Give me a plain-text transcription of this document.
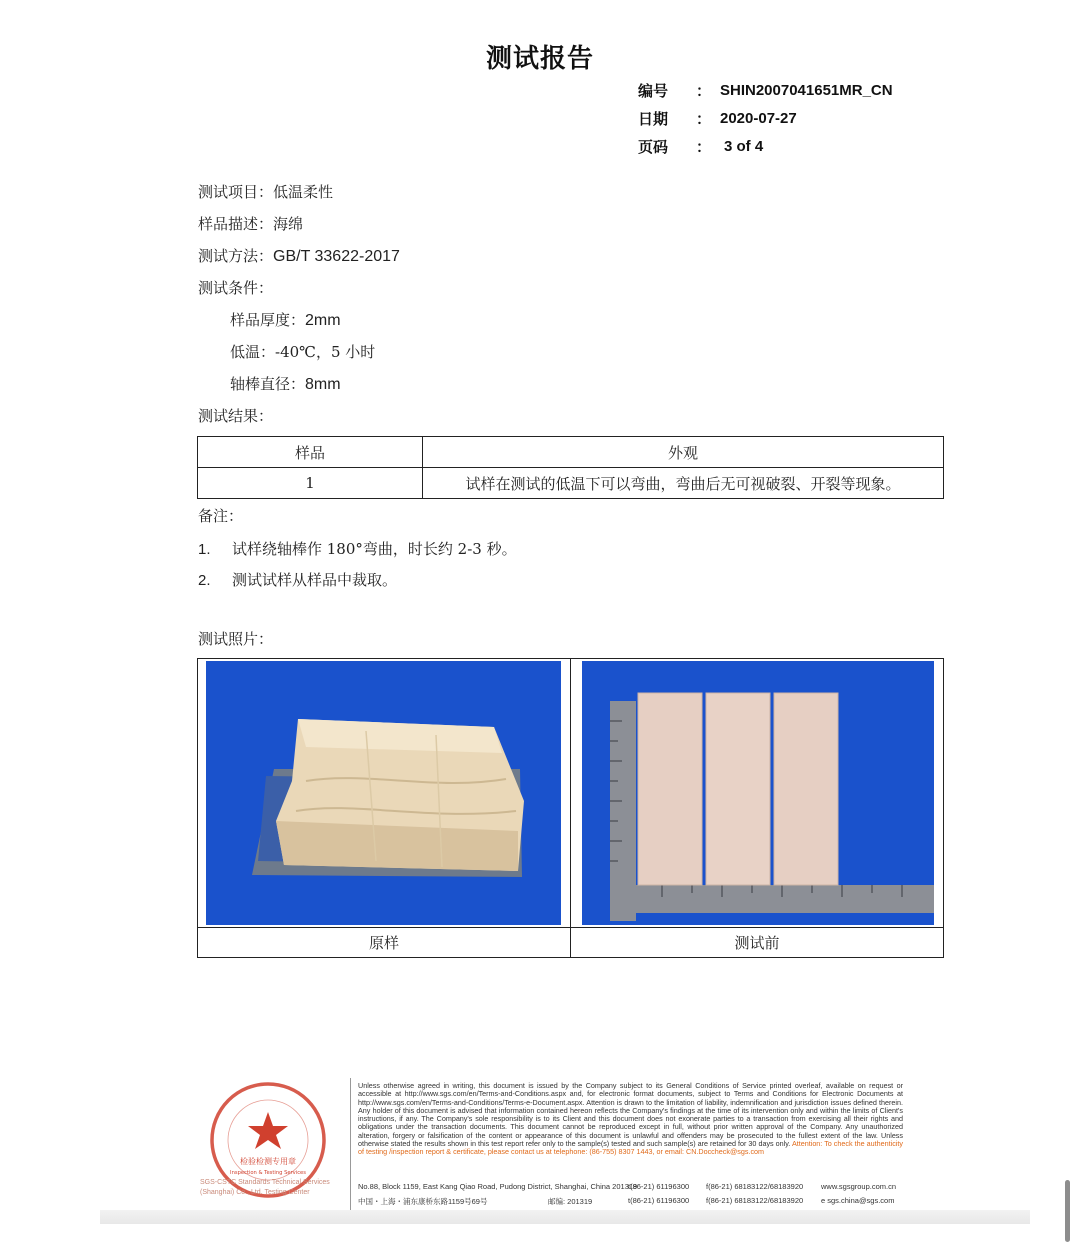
测试报告
编号	： SHIN2007041651MR_CN
日期	： 2020-07-27
页码	： 3 of 4
测试项目：低温柔性
样品描述：海绵
测试方法：GB/T 33622-2017
测试条件：
样品厚度：2mm
低温：-40℃，5 小时
轴棒直径：8mm
测试结果：
样品	外观
1	试样在测试的低温下可以弯曲，弯曲后无可视破裂、开裂等现象。
备注：
1. 试样绕轴棒作 180°弯曲，时长约 2-3 秒。
2. 测试试样从样品中裁取。
测试照片：
原样	测试前
检验检测专用章
Inspection & Testing Services
SGS-CSTC Standards Technical Services (Shanghai) Co., Ltd. Testing Center
Unless otherwise agreed in writing, this document is issued by the Company subject to its General Conditions of Service printed overleaf, available on request or accessible at http://www.sgs.com/en/Terms-and-Conditions.aspx and, for electronic format documents, subject to Terms and Conditions for Electronic Documents at http://www.sgs.com/en/Terms-and-Conditions/Terms-e-Document.aspx. Attention is drawn to the limitation of liability, indemnification and jurisdiction issues defined therein. Any holder of this document is advised that information contained hereon reflects the Company's findings at the time of its intervention only and within the limits of Client's instructions, if any. The Company's sole responsibility is to its Client and this document does not exonerate parties to a transaction from exercising all their rights and obligations under the transaction documents. This document cannot be reproduced except in full, without prior written approval of the Company. Any unauthorized alteration, forgery or falsification of the content or appearance of this document is unlawful and offenders may be prosecuted to the fullest extent of the law. Unless otherwise stated the results shown in this test report refer only to the sample(s) tested and such sample(s) are retained for 30 days only. Attention: To check the authenticity of testing /inspection report & certificate, please contact us at telephone: (86-755) 8307 1443, or email: CN.Doccheck@sgs.com
No.88, Block 1159, East Kang Qiao Road, Pudong District, Shanghai, China 201319
t(86-21) 61196300	f(86-21) 68183122/68183920	www.sgsgroup.com.cn
中国・上海・浦东康桥东路1159号69号	邮编: 201319	t(86-21) 61196300	f(86-21) 68183122/68183920	e sgs.china@sgs.com
